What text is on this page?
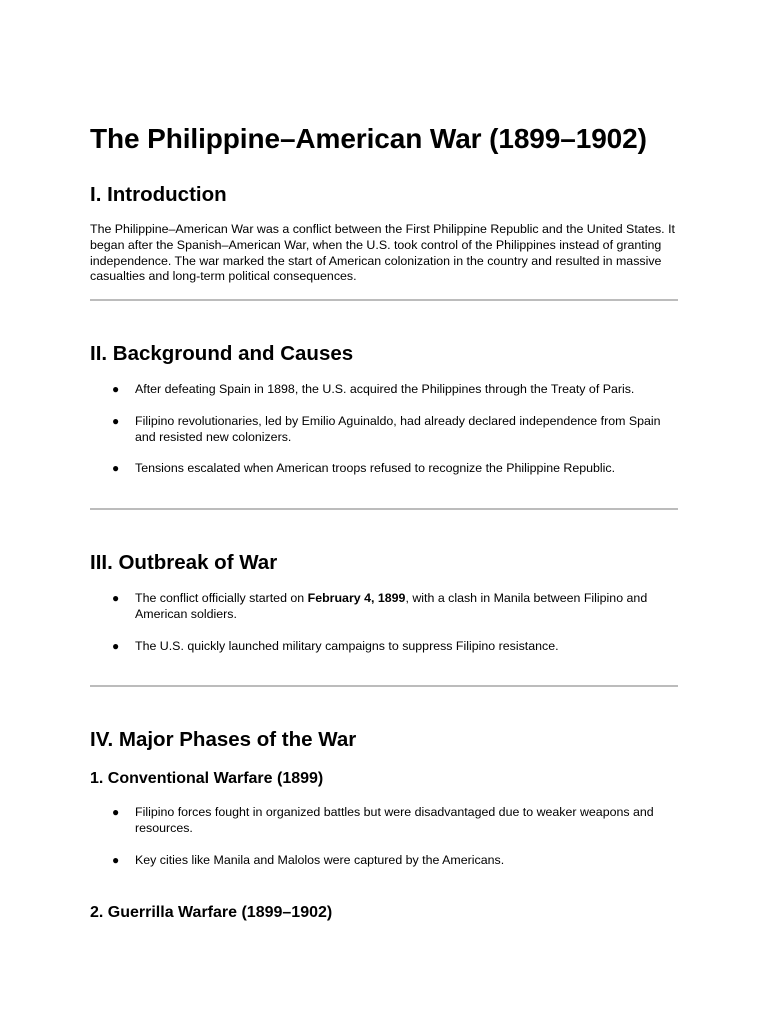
The Philippine–American War (1899–1902)
I. Introduction

The Philippine–American War was a conflict between the First Philippine Republic and the United States. It began after the Spanish–American War, when the U.S. took control of the Philippines instead of granting independence. The war marked the start of American colonization in the country and resulted in massive casualties and long-term political consequences.

II. Background and Causes
● After defeating Spain in 1898, the U.S. acquired the Philippines through the Treaty of Paris.
● Filipino revolutionaries, led by Emilio Aguinaldo, had already declared independence from Spain and resisted new colonizers.
● Tensions escalated when American troops refused to recognize the Philippine Republic.
III. Outbreak of War
● The conflict officially started on February 4, 1899, with a clash in Manila between Filipino and American soldiers.
● The U.S. quickly launched military campaigns to suppress Filipino resistance.
IV. Major Phases of the War
1. Conventional Warfare (1899)
● Filipino forces fought in organized battles but were disadvantaged due to weaker weapons and resources.
● Key cities like Manila and Malolos were captured by the Americans.
2. Guerrilla Warfare (1899–1902)
